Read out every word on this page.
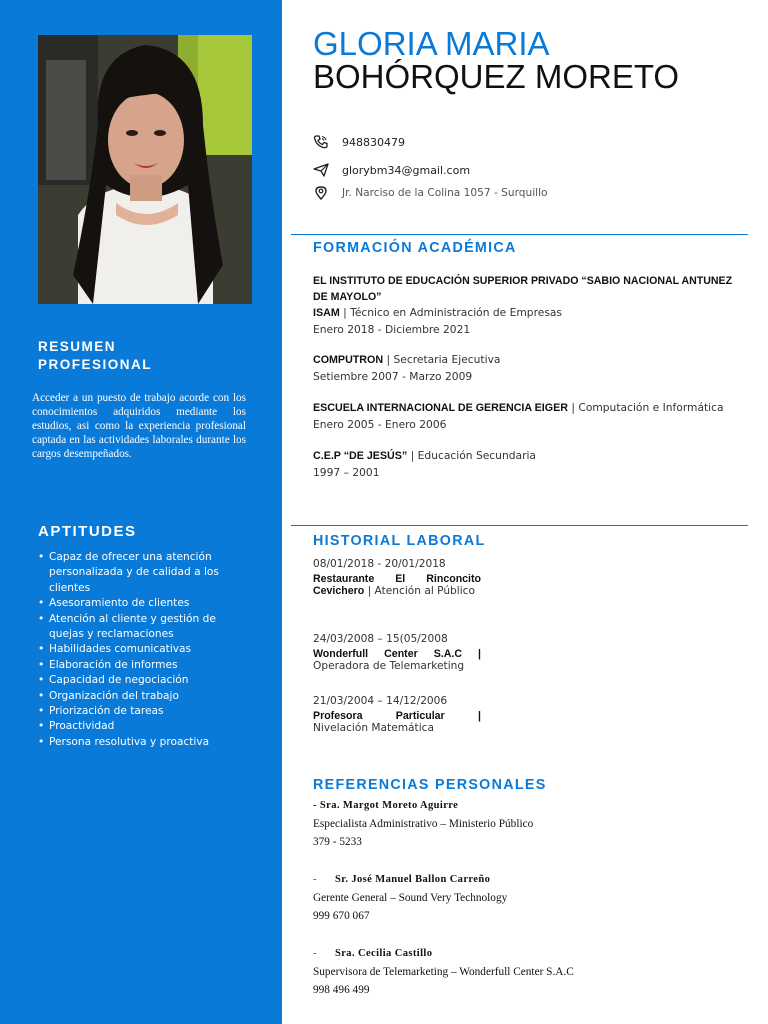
RESUMEN
PROFESIONAL

Acceder a un puesto de trabajo acorde con los conocimientos adquiridos mediante los estudios, asi como la experiencia profesional captada en las actividades laborales durante los cargos desempeñados.

APTITUDES
• Capaz de ofrecer una atención personalizada y de calidad a los clientes
• Asesoramiento de clientes
• Atención al cliente y gestión de quejas y reclamaciones
• Habilidades comunicativas
• Elaboración de informes
• Capacidad de negociación
• Organización del trabajo
• Priorización de tareas
• Proactividad
• Persona resolutiva y proactiva
GLORIA MARIA
BOHÓRQUEZ MORETO
948830479
glorybm34@gmail.com
Jr. Narciso de la Colina 1057 - Surquillo
FORMACIÓN ACADÉMICA
EL INSTITUTO DE EDUCACIÓN SUPERIOR PRIVADO “SABIO NACIONAL ANTUNEZ DE MAYOLO”
ISAM | Técnico en Administración de Empresas
Enero 2018 - Diciembre 2021
COMPUTRON | Secretaria Ejecutiva
Setiembre 2007 - Marzo 2009
ESCUELA INTERNACIONAL DE GERENCIA EIGER | Computación e Informática
Enero 2005 - Enero 2006
C.E.P “DE JESÚS” | Educación Secundaria
1997 – 2001
HISTORIAL LABORAL
08/01/2018 - 20/01/2018
Restaurante El Rinconcito
Cevichero | Atención al Público
24/03/2008 – 15(05/2008
Wonderfull Center S.A.C |
Operadora de Telemarketing
21/03/2004 – 14/12/2006
Profesora Particular |
Nivelación Matemática
REFERENCIAS PERSONALES
- Sra. Margot Moreto Aguirre
Especialista Administrativo – Ministerio Público
379 - 5233
- Sr. José Manuel Ballon Carreño
Gerente General – Sound Very Technology
999 670 067
- Sra. Cecilia Castillo
Supervisora de Telemarketing – Wonderfull Center S.A.C
998 496 499
